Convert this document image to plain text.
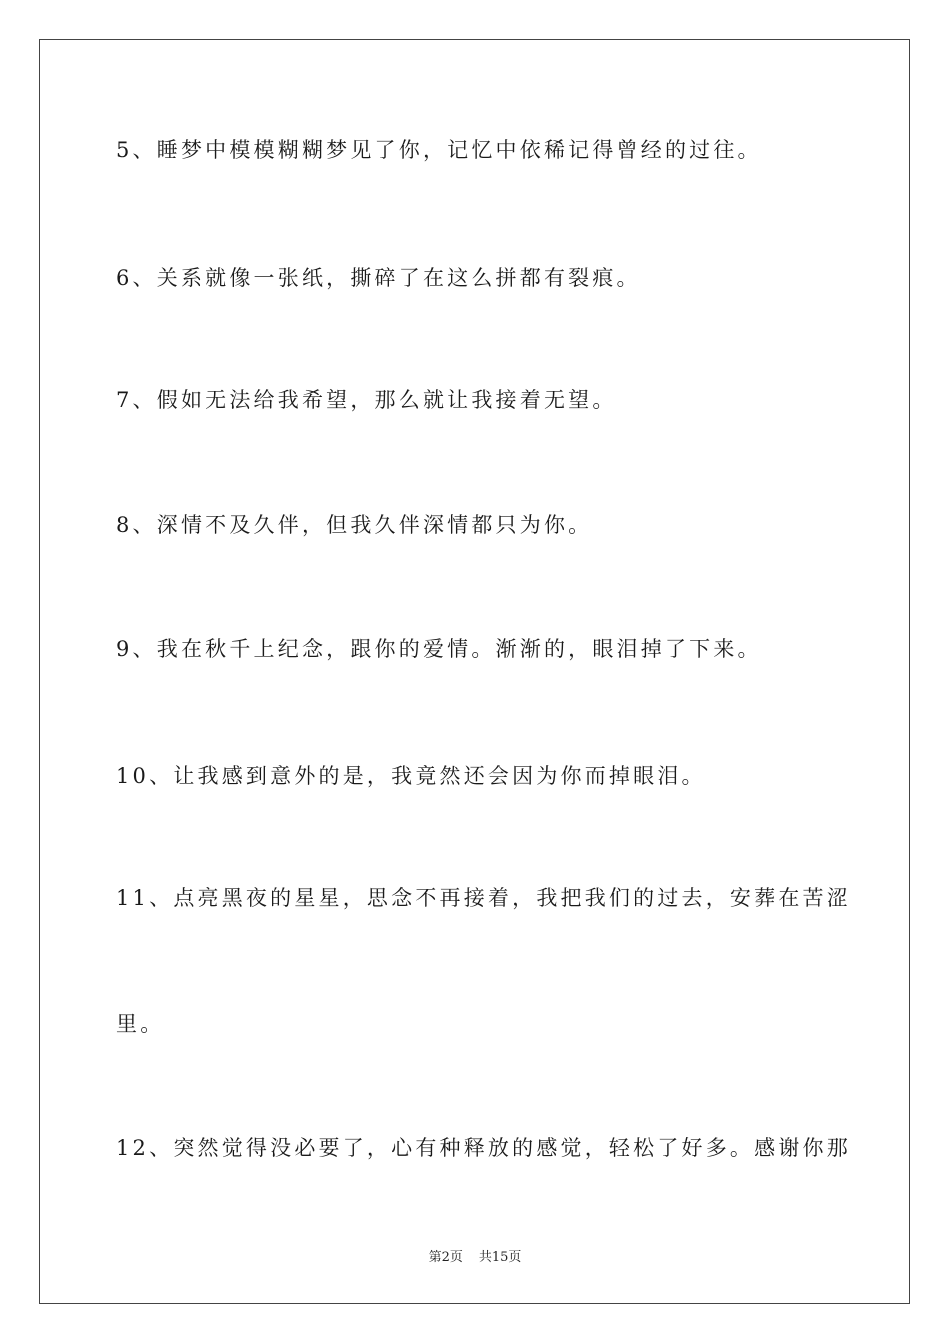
5、睡梦中模模糊糊梦见了你，记忆中依稀记得曾经的过往。
6、关系就像一张纸，撕碎了在这么拼都有裂痕。
7、假如无法给我希望，那么就让我接着无望。
8、深情不及久伴，但我久伴深情都只为你。
9、我在秋千上纪念，跟你的爱情。渐渐的，眼泪掉了下来。
10、让我感到意外的是，我竟然还会因为你而掉眼泪。
11、点亮黑夜的星星，思念不再接着，我把我们的过去，安葬在苦涩
里。
12、突然觉得没必要了，心有种释放的感觉，轻松了好多。感谢你那
第2页 共15页
